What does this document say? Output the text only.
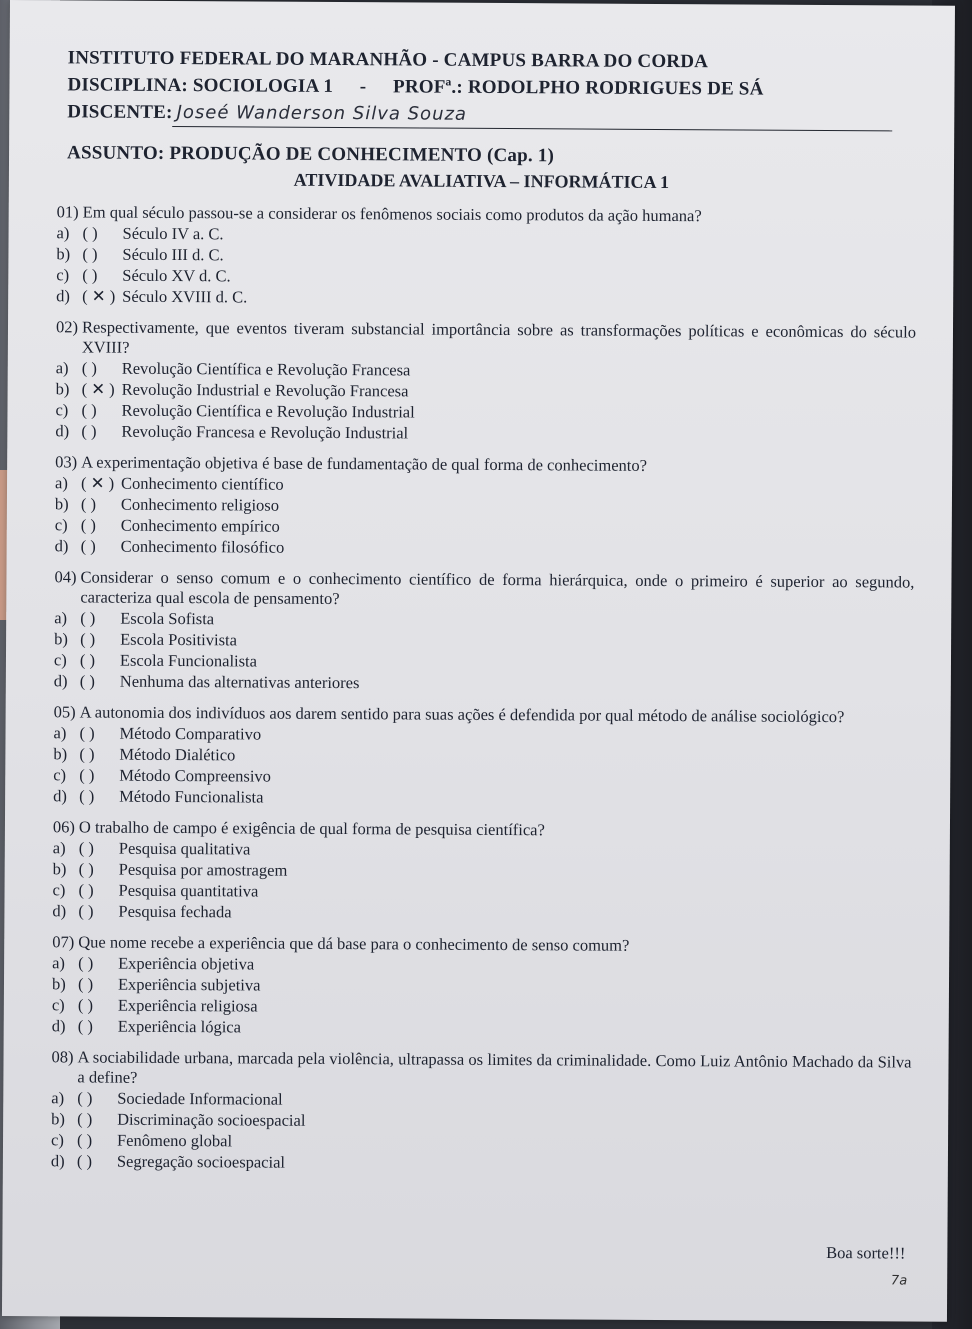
INSTITUTO FEDERAL DO MARANHÃO - CAMPUS BARRA DO CORDA
DISCIPLINA: SOCIOLOGIA 1 - PROFª.: RODOLPHO RODRIGUES DE SÁ
DISCENTE: Joseé Wanderson Silva Souza
ASSUNTO: PRODUÇÃO DE CONHECIMENTO (Cap. 1)
ATIVIDADE AVALIATIVA – INFORMÁTICA 1
01) Em qual século passou-se a considerar os fenômenos sociais como produtos da ação humana?
a) ( )	Século IV a. C.
b) ( )	Século III d. C.
c) ( )	Século XV d. C.
d) ( ✕ ) Século XVIII d. C.
02) Respectivamente, que eventos tiveram substancial importância sobre as transformações políticas e econômicas do século XVIII?
a) ( )	Revolução Científica e Revolução Francesa
b) ( ✕ ) Revolução Industrial e Revolução Francesa
c) ( )	Revolução Científica e Revolução Industrial
d) ( )	Revolução Francesa e Revolução Industrial
03) A experimentação objetiva é base de fundamentação de qual forma de conhecimento?
a) ( ✕ ) Conhecimento científico
b) ( )	Conhecimento religioso
c) ( )	Conhecimento empírico
d) ( )	Conhecimento filosófico
04) Considerar o senso comum e o conhecimento científico de forma hierárquica, onde o primeiro é superior ao segundo, caracteriza qual escola de pensamento?
a) ( )	Escola Sofista
b) ( )	Escola Positivista
c) ( )	Escola Funcionalista
d) ( )	Nenhuma das alternativas anteriores
05) A autonomia dos indivíduos aos darem sentido para suas ações é defendida por qual método de análise sociológico?
a) ( )	Método Comparativo
b) ( )	Método Dialético
c) ( )	Método Compreensivo
d) ( )	Método Funcionalista
06) O trabalho de campo é exigência de qual forma de pesquisa científica?
a) ( )	Pesquisa qualitativa
b) ( )	Pesquisa por amostragem
c) ( )	Pesquisa quantitativa
d) ( )	Pesquisa fechada
07) Que nome recebe a experiência que dá base para o conhecimento de senso comum?
a) ( )	Experiência objetiva
b) ( )	Experiência subjetiva
c) ( )	Experiência religiosa
d) ( )	Experiência lógica
08) A sociabilidade urbana, marcada pela violência, ultrapassa os limites da criminalidade. Como Luiz Antônio Machado da Silva a define?
a) ( )	Sociedade Informacional
b) ( )	Discriminação socioespacial
c) ( )	Fenômeno global
d) ( )	Segregação socioespacial
Boa sorte!!!
7a
